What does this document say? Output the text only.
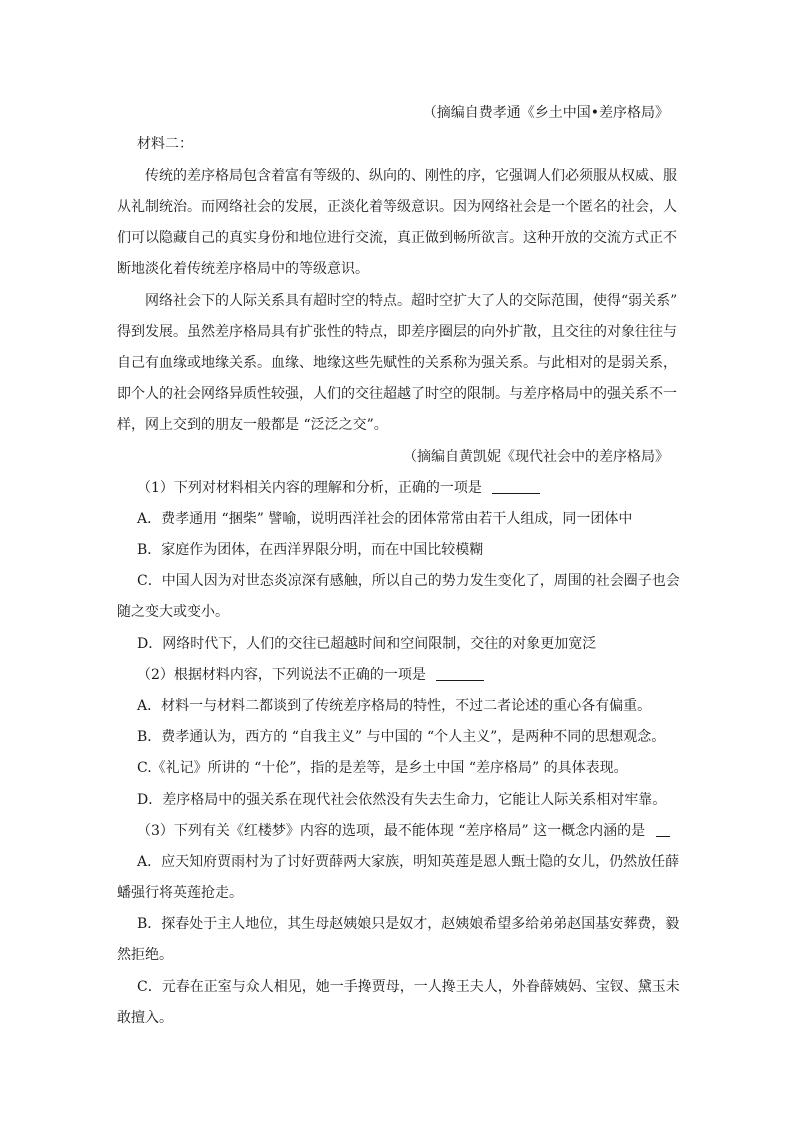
（摘编自费孝通《乡土中国•差序格局》
材料二：
传统的差序格局包含着富有等级的、纵向的、刚性的序，它强调人们必须服从权威、服
从礼制统治。而网络社会的发展，正淡化着等级意识。因为网络社会是一个匿名的社会，人
们可以隐藏自己的真实身份和地位进行交流，真正做到畅所欲言。这种开放的交流方式正不
断地淡化着传统差序格局中的等级意识。
网络社会下的人际关系具有超时空的特点。超时空扩大了人的交际范围，使得“弱关系”
得到发展。虽然差序格局具有扩张性的特点，即差序圈层的向外扩散，且交往的对象往往与
自己有血缘或地缘关系。血缘、地缘这些先赋性的关系称为强关系。与此相对的是弱关系，
即个人的社会网络异质性较强，人们的交往超越了时空的限制。与差序格局中的强关系不一
样，网上交到的朋友一般都是 “泛泛之交”。
（摘编自黄凯妮《现代社会中的差序格局》
（1）下列对材料相关内容的理解和分析，正确的一项是
A．费孝通用 “捆柴” 譬喻，说明西洋社会的团体常常由若干人组成，同一团体中
B．家庭作为团体，在西洋界限分明，而在中国比较模糊
C．中国人因为对世态炎凉深有感触，所以自己的势力发生变化了，周围的社会圈子也会
随之变大或变小。
D．网络时代下，人们的交往已超越时间和空间限制，交往的对象更加宽泛
（2）根据材料内容，下列说法不正确的一项是
A．材料一与材料二都谈到了传统差序格局的特性，不过二者论述的重心各有偏重。
B．费孝通认为，西方的 “自我主义” 与中国的 “个人主义”，是两种不同的思想观念。
C.《礼记》所讲的 “十伦”，指的是差等，是乡土中国 “差序格局” 的具体表现。
D．差序格局中的强关系在现代社会依然没有失去生命力，它能让人际关系相对牢靠。
（3）下列有关《红楼梦》内容的选项，最不能体现 “差序格局” 这一概念内涵的是
A．应天知府贾雨村为了讨好贾薛两大家族，明知英莲是恩人甄士隐的女儿，仍然放任薛
蟠强行将英莲抢走。
B．探春处于主人地位，其生母赵姨娘只是奴才，赵姨娘希望多给弟弟赵国基安葬费，毅
然拒绝。
C．元春在正室与众人相见，她一手搀贾母，一人搀王夫人，外眷薛姨妈、宝钗、黛玉未
敢擅入。
